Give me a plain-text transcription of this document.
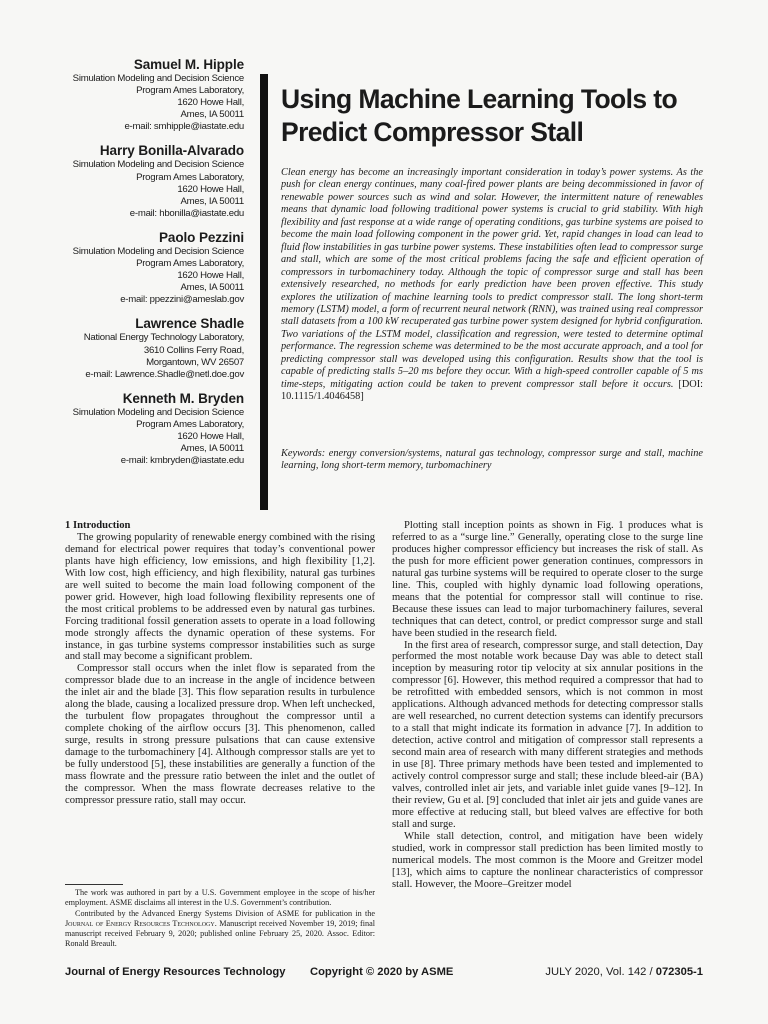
Samuel M. Hipple
Simulation Modeling and Decision Science
Program Ames Laboratory,
1620 Howe Hall,
Ames, IA 50011
e-mail: smhipple@iastate.edu
Harry Bonilla-Alvarado
Simulation Modeling and Decision Science
Program Ames Laboratory,
1620 Howe Hall,
Ames, IA 50011
e-mail: hbonilla@iastate.edu
Paolo Pezzini
Simulation Modeling and Decision Science
Program Ames Laboratory,
1620 Howe Hall,
Ames, IA 50011
e-mail: ppezzini@ameslab.gov
Lawrence Shadle
National Energy Technology Laboratory,
3610 Collins Ferry Road,
Morgantown, WV 26507
e-mail: Lawrence.Shadle@netl.doe.gov
Kenneth M. Bryden
Simulation Modeling and Decision Science
Program Ames Laboratory,
1620 Howe Hall,
Ames, IA 50011
e-mail: kmbryden@iastate.edu
Using Machine Learning Tools to
Predict Compressor Stall

Clean energy has become an increasingly important consideration in today’s power systems. As the push for clean energy continues, many coal-fired power plants are being decommissioned in favor of renewable power sources such as wind and solar. However, the intermittent nature of renewables means that dynamic load following traditional power systems is crucial to grid stability. With high flexibility and fast response at a wide range of operating conditions, gas turbine systems are poised to become the main load following component in the power grid. Yet, rapid changes in load can lead to fluid flow instabilities in gas turbine power systems. These instabilities often lead to compressor surge and stall, which are some of the most critical problems facing the safe and efficient operation of compressors in turbomachinery today. Although the topic of compressor surge and stall has been extensively researched, no methods for early prediction have been proven effective. This study explores the utilization of machine learning tools to predict compressor stall. The long short-term memory (LSTM) model, a form of recurrent neural network (RNN), was trained using real compressor stall datasets from a 100 kW recuperated gas turbine power system designed for hybrid configuration. Two variations of the LSTM model, classification and regression, were tested to determine optimal performance. The regression scheme was determined to be the most accurate approach, and a tool for predicting compressor stall was developed using this configuration. Results show that the tool is capable of predicting stalls 5–20 ms before they occur. With a high-speed controller capable of 5 ms time-steps, mitigating action could be taken to prevent compressor stall before it occurs. [DOI: 10.1115/1.4046458]

Keywords: energy conversion/systems, natural gas technology, compressor surge and stall, machine learning, long short-term memory, turbomachinery

1 Introduction

The growing popularity of renewable energy combined with the rising demand for electrical power requires that today’s conventional power plants have high efficiency, low emissions, and high flexibility [1,2]. With low cost, high efficiency, and high flexibility, natural gas turbines are well suited to become the main load following component of the power grid. However, high load following flexibility represents one of the most critical problems to be addressed even by natural gas turbines. Forcing traditional fossil generation assets to operate in a load following mode strongly affects the dynamic operation of these systems. For instance, in gas turbine systems compressor instabilities such as surge and stall may become a significant problem.

Compressor stall occurs when the inlet flow is separated from the compressor blade due to an increase in the angle of incidence between the inlet air and the blade [3]. This flow separation results in turbulence along the blade, causing a localized pressure drop. When left unchecked, the turbulent flow propagates throughout the compressor until a complete choking of the airflow occurs [3]. This phenomenon, called surge, results in strong pressure pulsations that can cause extensive damage to the turbomachinery [4]. Although compressor stalls are yet to be fully understood [5], these instabilities are generally a function of the mass flowrate and the pressure ratio between the inlet and the outlet of the compressor. When the mass flowrate decreases relative to the compressor pressure ratio, stall may occur.

Plotting stall inception points as shown in Fig. 1 produces what is referred to as a “surge line.” Generally, operating close to the surge line produces higher compressor efficiency but increases the risk of stall. As the push for more efficient power generation continues, compressors in natural gas turbine systems will be required to operate closer to the surge line. This, coupled with highly dynamic load following operations, means that the potential for compressor stall will continue to rise. Because these issues can lead to major turbomachinery failures, several techniques that can detect, control, or predict compressor surge and stall have been studied in the research field.

In the first area of research, compressor surge, and stall detection, Day performed the most notable work because Day was able to detect stall inception by measuring rotor tip velocity at six annular positions in the compressor [6]. However, this method required a compressor that had to be retrofitted with embedded sensors, which is not common in most applications. Although advanced methods for detecting compressor stalls are well researched, no current detection systems can identify precursors to a stall that might indicate its formation in advance [7]. In addition to detection, active control and mitigation of compressor stall represents a second main area of research with many different strategies and methods in use [8]. Three primary methods have been tested and implemented to actively control compressor surge and stall; these include bleed-air (BA) valves, controlled inlet air jets, and variable inlet guide vanes [9–12]. In their review, Gu et al. [9] concluded that inlet air jets and guide vanes are more effective at reducing stall, but bleed valves are effective for both stall and surge.

While stall detection, control, and mitigation have been widely studied, work in compressor stall prediction has been limited mostly to numerical models. The most common is the Moore and Greitzer model [13], which aims to capture the nonlinear characteristics of compressor stall. However, the Moore–Greitzer model

The work was authored in part by a U.S. Government employee in the scope of his/her employment. ASME disclaims all interest in the U.S. Government’s contribution.

Contributed by the Advanced Energy Systems Division of ASME for publication in the Journal of Energy Resources Technology. Manuscript received November 19, 2019; final manuscript received February 9, 2020; published online February 25, 2020. Assoc. Editor: Ronald Breault.

Journal of Energy Resources Technology Copyright © 2020 by ASME	JULY 2020, Vol. 142 / 072305-1
